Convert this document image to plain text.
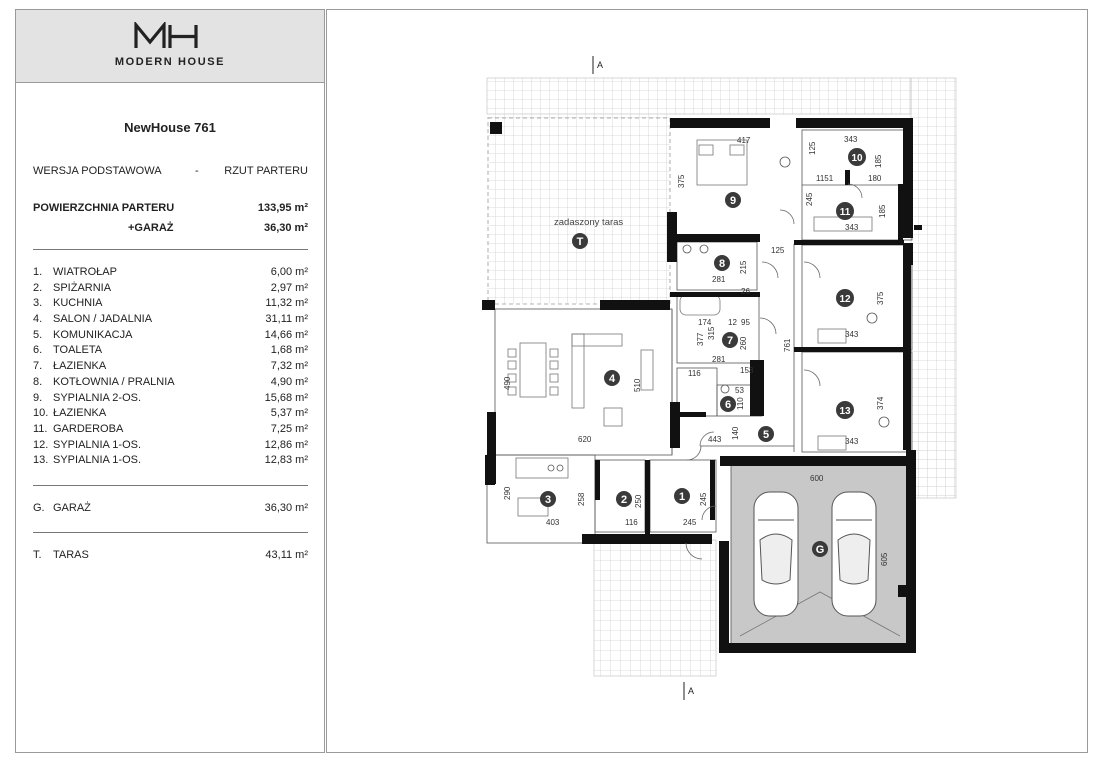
MODERN HOUSE
NewHouse 761
WERSJA PODSTAWOWA	- RZUT PARTERU
POWIERZCHNIA PARTERU	133,95 m²
+GARAŻ	36,30 m²
1. WIATROŁAP	6,00 m²
2. SPIŻARNIA	2,97 m²
3. KUCHNIA	11,32 m²
4. SALON / JADALNIA	31,11 m²
5. KOMUNIKACJA	14,66 m²
6. TOALETA	1,68 m²
7. ŁAZIENKA	7,32 m²
8. KOTŁOWNIA / PRALNIA	4,90 m²
9. SYPIALNIA 2-OS.	15,68 m²
10. ŁAZIENKA	5,37 m²
11. GARDEROBA	7,25 m²
12. SYPIALNIA 1-OS.	12,86 m²
13. SYPIALNIA 1-OS.	12,83 m²
G. GARAŻ	36,30 m²
T. TARAS	43,11 m²
A
A
zadaszony taras
417
375
343
125
185
1151	180
245
185
343
125
281
215
26
174 12 95
377 315
260	761
281
153
116
53
110
375
343
374
343
490	510
620	443 140
290	258	250	245
403	116	245
600
605
1
2
3
4
5
6
7
8
9
10
11
12
13
T
G
